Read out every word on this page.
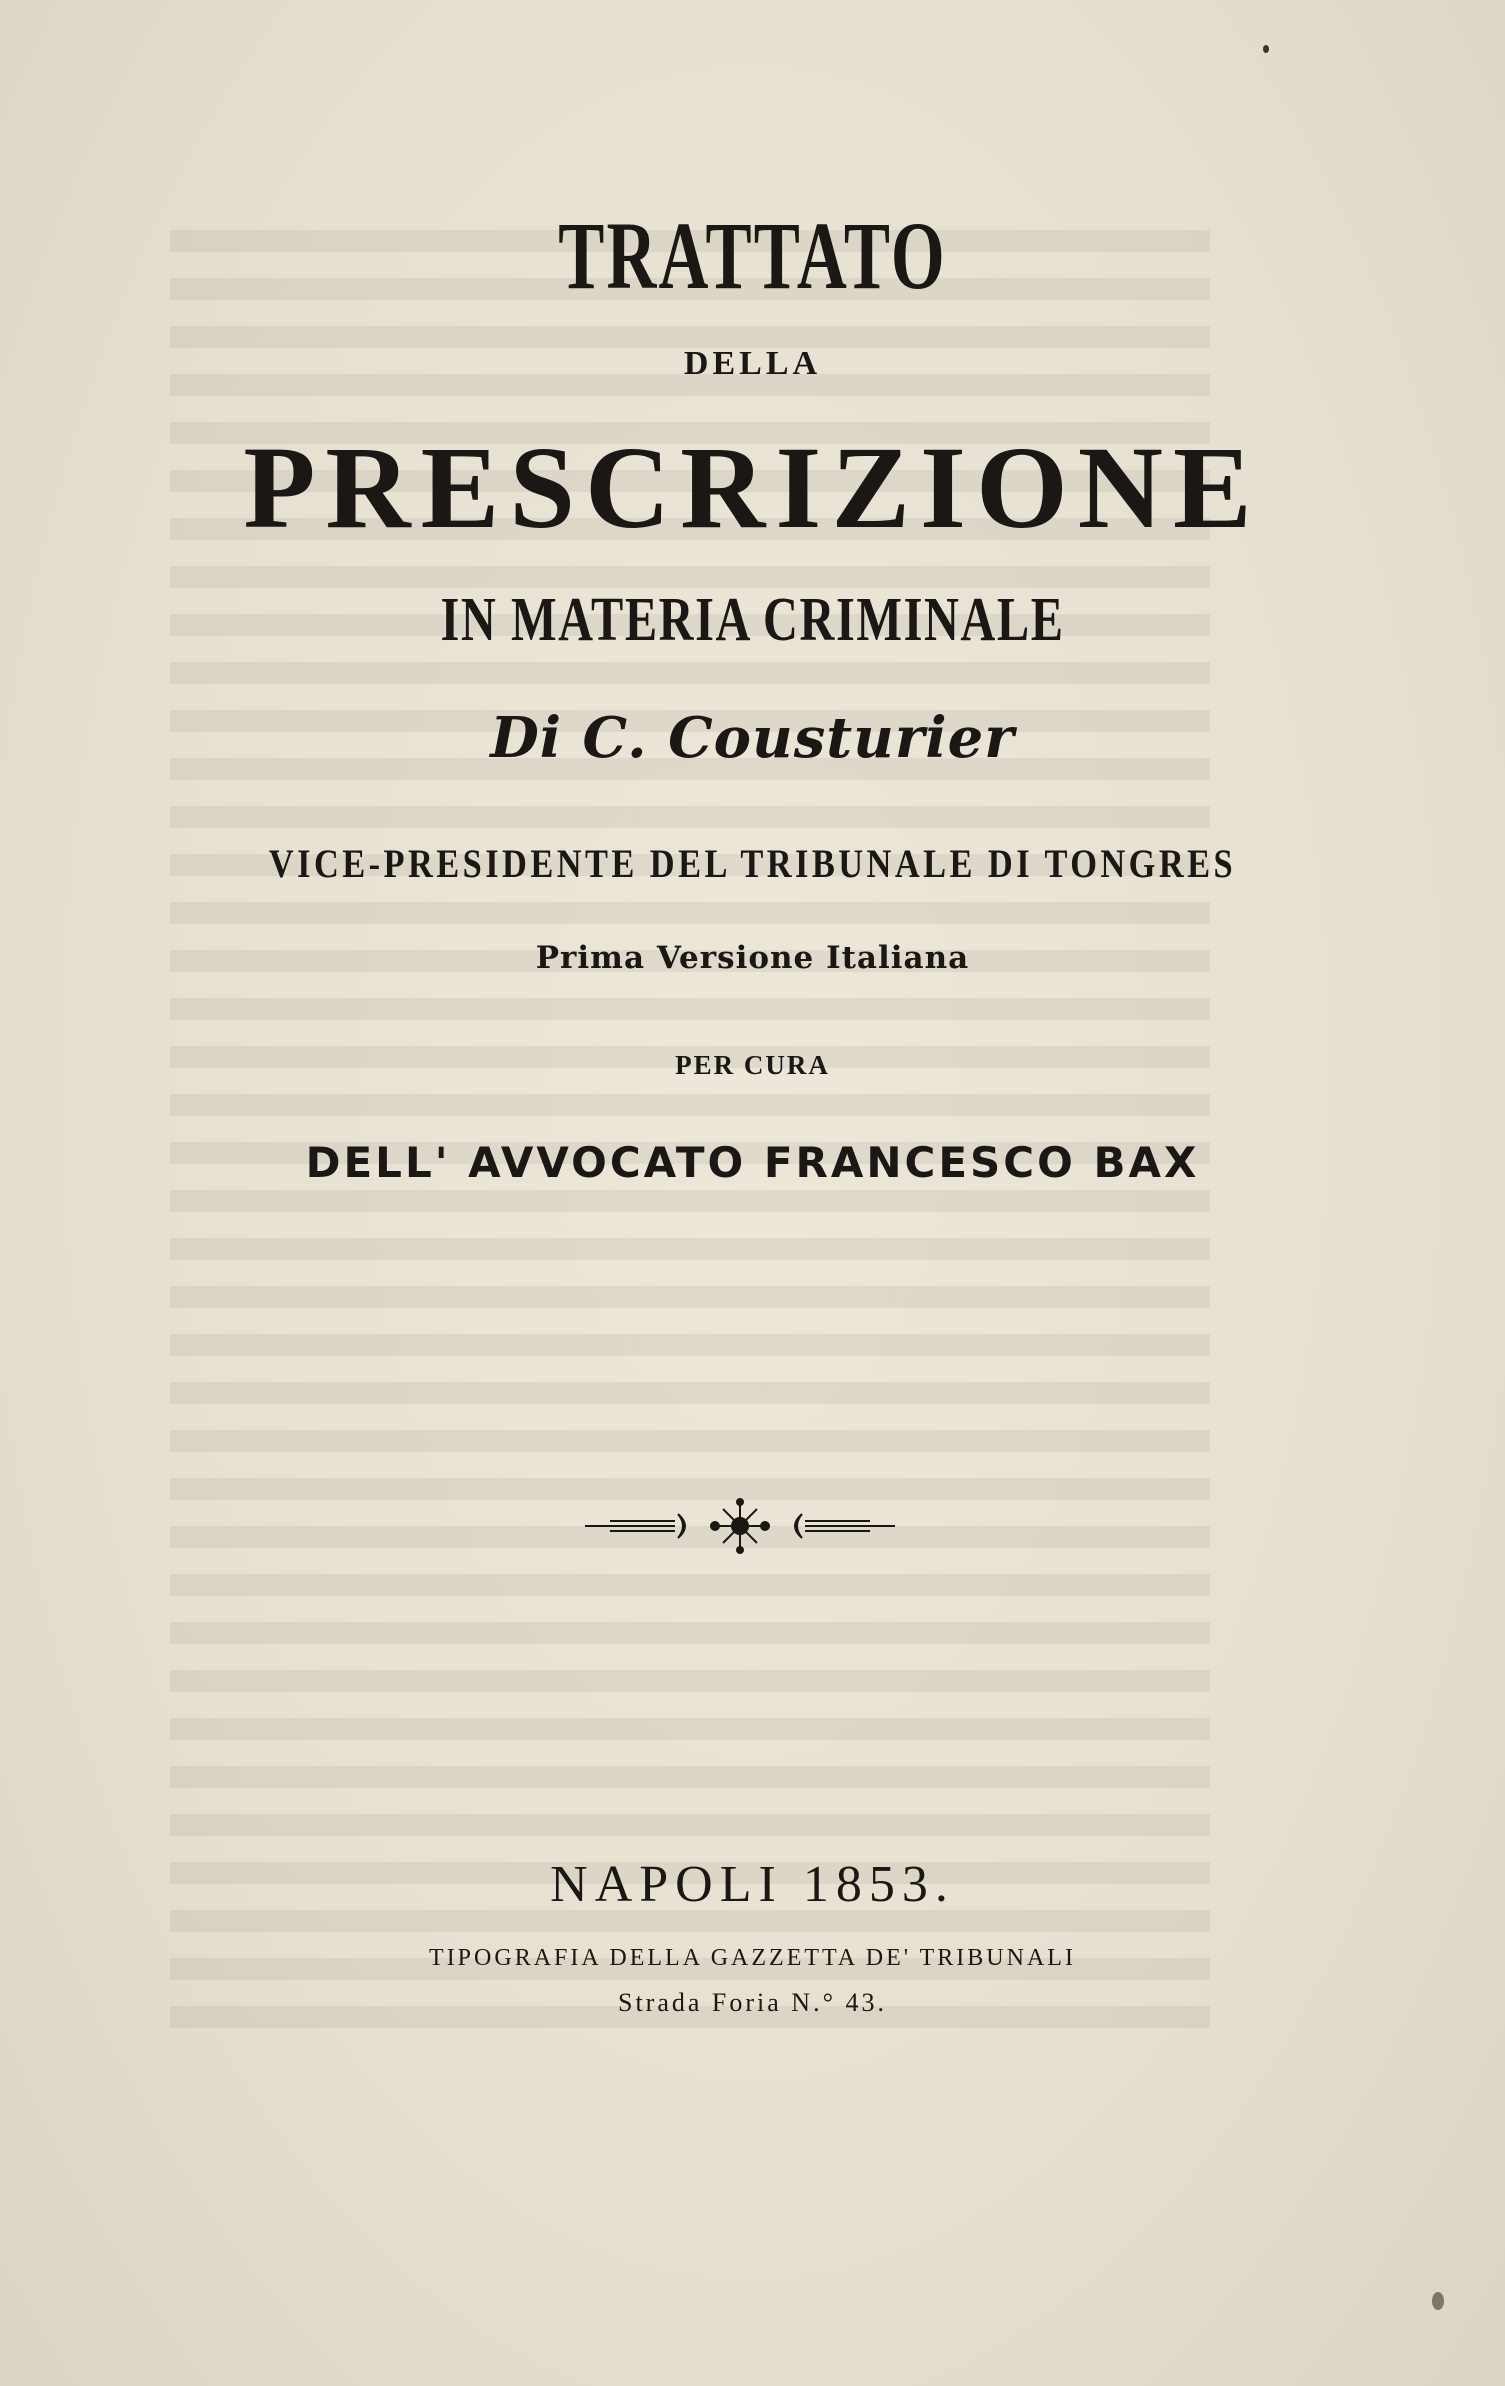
TRATTATO
DELLA
PRESCRIZIONE
IN MATERIA CRIMINALE
Di C. Cousturier
VICE-PRESIDENTE DEL TRIBUNALE DI TONGRES
Prima Versione Italiana
PER CURA
DELL' AVVOCATO FRANCESCO BAX
NAPOLI 1853.
TIPOGRAFIA DELLA GAZZETTA DE' TRIBUNALI
Strada Foria N.° 43.
